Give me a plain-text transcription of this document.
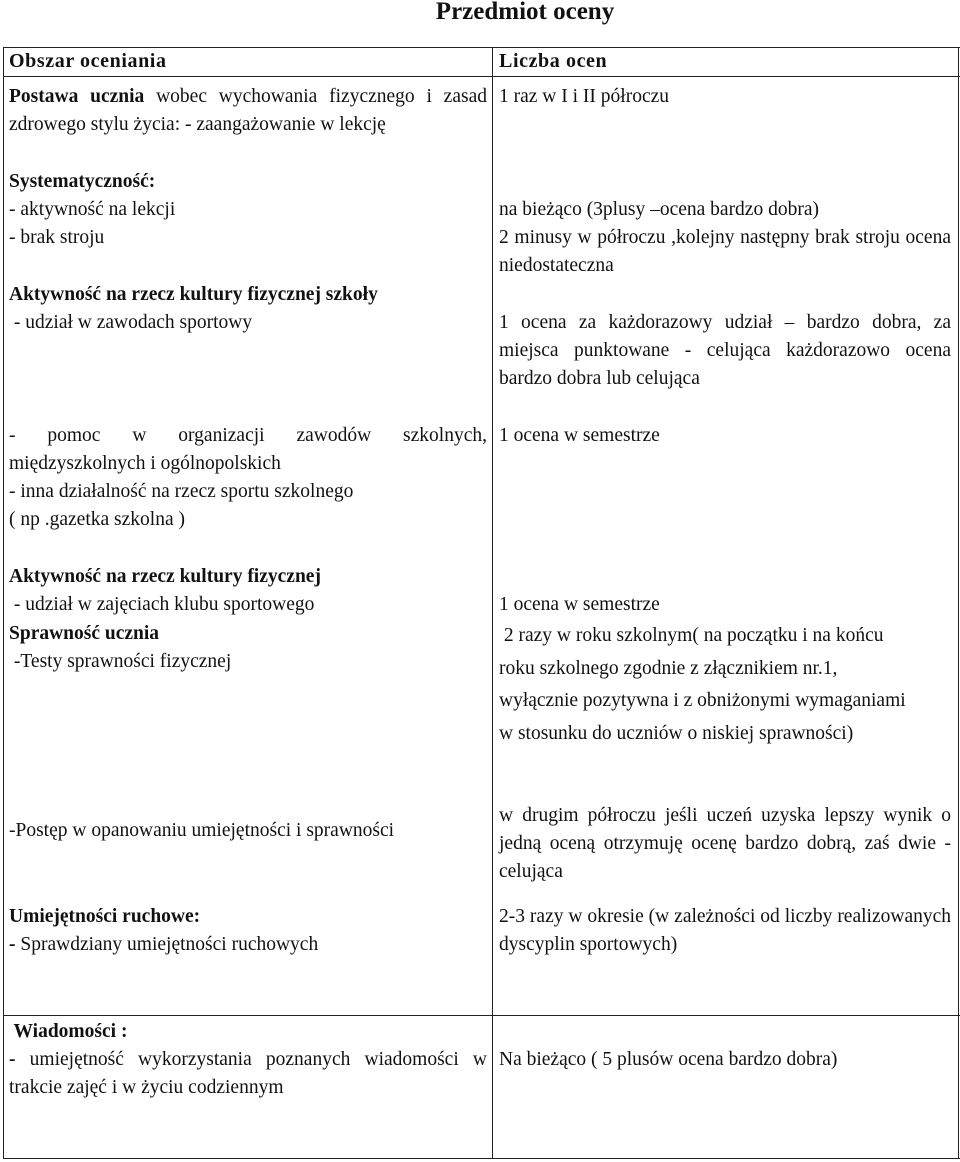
Przedmiot oceny
Obszar oceniania	Liczba ocen
Postawa ucznia wobec wychowania fizycznego i zasad zdrowego stylu życia: - zaangażowanie w lekcję
Systematyczność:
- aktywność na lekcji
- brak stroju
Aktywność na rzecz kultury fizycznej szkoły
- udział w zawodach sportowy
- pomoc w organizacji zawodów szkolnych, międzyszkolnych i ogólnopolskich
- inna działalność na rzecz sportu szkolnego
( np .gazetka szkolna )
Aktywność na rzecz kultury fizycznej
- udział w zajęciach klubu sportowego
Sprawność ucznia
-Testy sprawności fizycznej
-Postęp w opanowaniu umiejętności i sprawności
Umiejętności ruchowe:
- Sprawdziany umiejętności ruchowych
Wiadomości :
- umiejętność wykorzystania poznanych wiadomości w trakcie zajęć i w życiu codziennym
1 raz w I i II półroczu
na bieżąco (3plusy –ocena bardzo dobra)
2 minusy w półroczu ,kolejny następny brak stroju ocena niedostateczna
1 ocena za każdorazowy udział – bardzo dobra, za miejsca punktowane - celująca każdorazowo ocena bardzo dobra lub celująca
1 ocena w semestrze
1 ocena w semestrze
2 razy w roku szkolnym( na początku i na końcu roku szkolnego zgodnie z złącznikiem nr.1, wyłącznie pozytywna i z obniżonymi wymaganiami w stosunku do uczniów o niskiej sprawności)
w drugim półroczu jeśli uczeń uzyska lepszy wynik o jedną oceną otrzymuję ocenę bardzo dobrą, zaś dwie -celująca
2-3 razy w okresie (w zależności od liczby realizowanych dyscyplin sportowych)
Na bieżąco ( 5 plusów ocena bardzo dobra)
